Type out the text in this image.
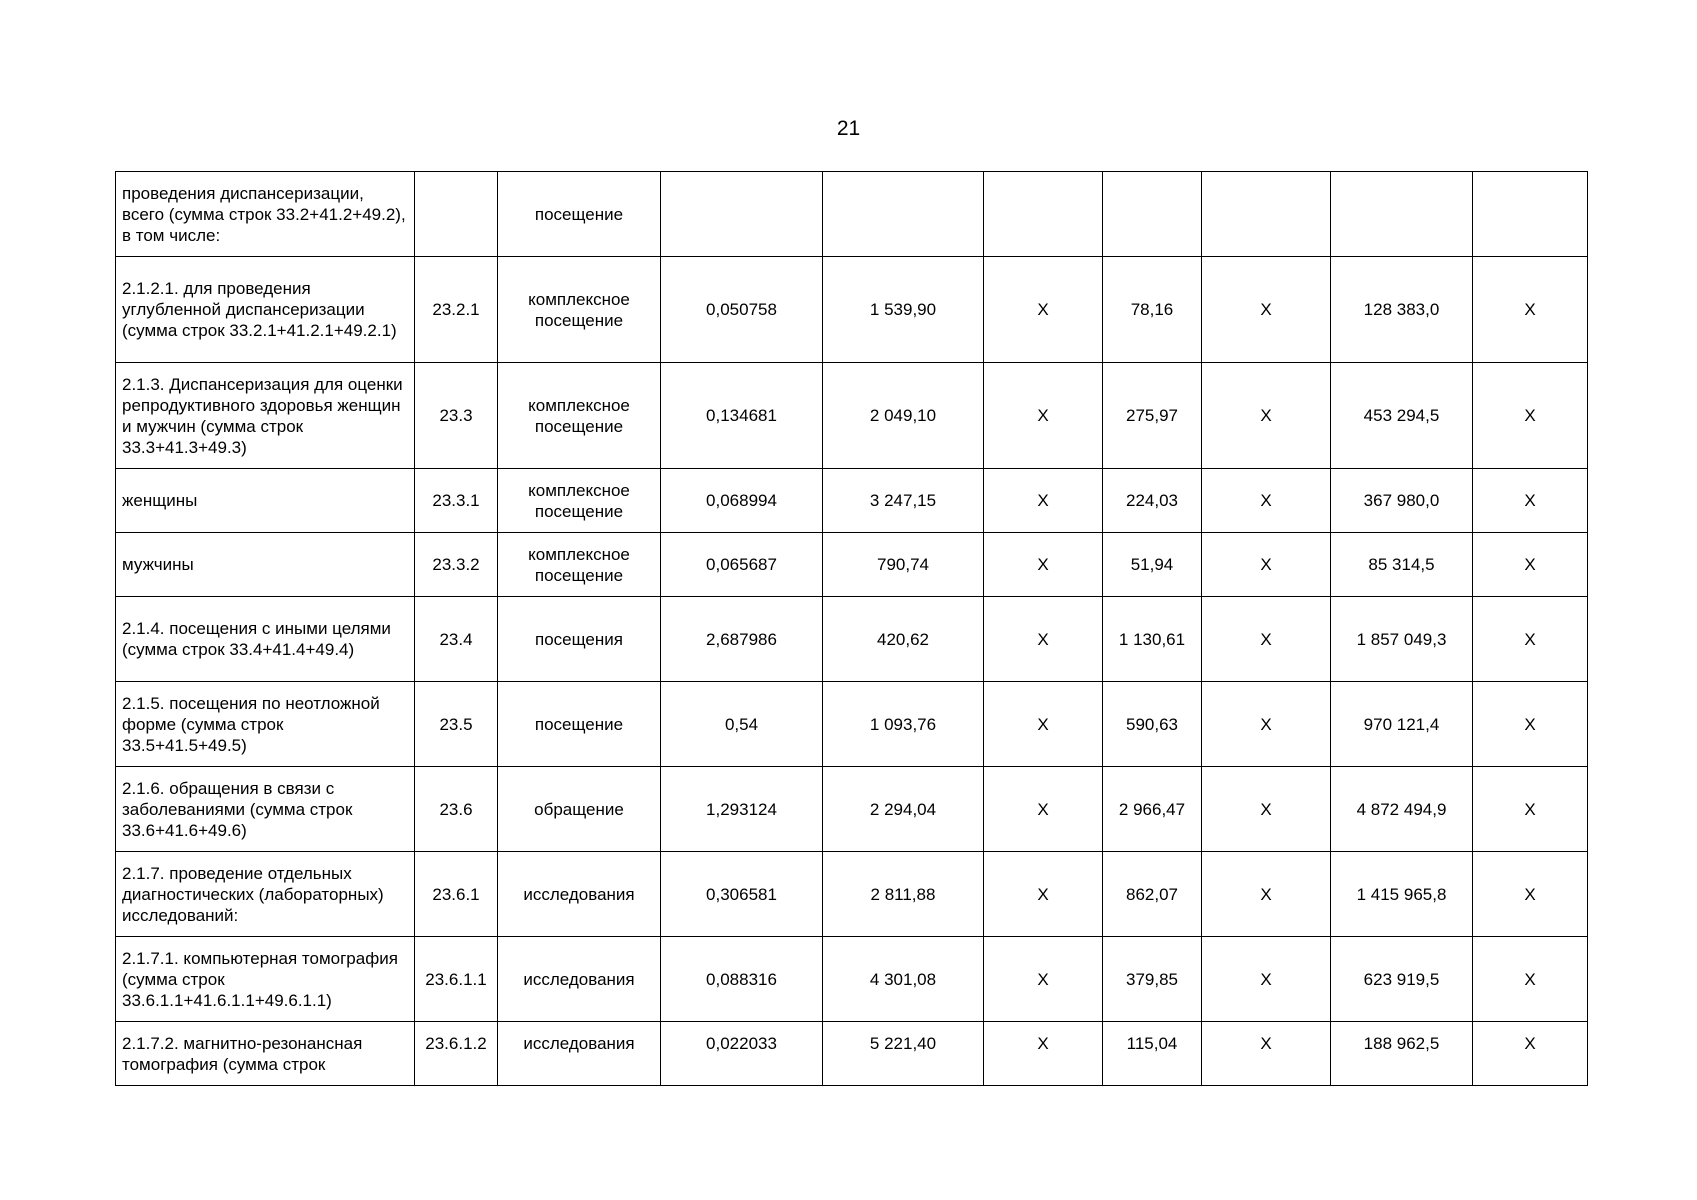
21
проведения диспансеризации, всего (сумма строк 33.2+41.2+49.2), в том числе:		посещение							
2.1.2.1. для проведения углубленной диспансеризации (сумма строк 33.2.1+41.2.1+49.2.1)	23.2.1	комплексное посещение	0,050758	1 539,90	Х	78,16	Х	128 383,0	Х
2.1.3. Диспансеризация для оценки репродуктивного здоровья женщин и мужчин (сумма строк 33.3+41.3+49.3)	23.3	комплексное посещение	0,134681	2 049,10	Х	275,97	Х	453 294,5	Х
женщины	23.3.1	комплексное посещение	0,068994	3 247,15	Х	224,03	Х	367 980,0	Х
мужчины	23.3.2	комплексное посещение	0,065687	790,74	Х	51,94	Х	85 314,5	Х
2.1.4. посещения с иными целями (сумма строк 33.4+41.4+49.4)	23.4	посещения	2,687986	420,62	Х	1 130,61	Х	1 857 049,3	Х
2.1.5. посещения по неотложной форме (сумма строк 33.5+41.5+49.5)	23.5	посещение	0,54	1 093,76	Х	590,63	Х	970 121,4	Х
2.1.6. обращения в связи с заболеваниями (сумма строк 33.6+41.6+49.6)	23.6	обращение	1,293124	2 294,04	Х	2 966,47	Х	4 872 494,9	Х
2.1.7. проведение отдельных диагностических (лабораторных) исследований:	23.6.1	исследования	0,306581	2 811,88	Х	862,07	Х	1 415 965,8	Х
2.1.7.1. компьютерная томография (сумма строк 33.6.1.1+41.6.1.1+49.6.1.1)	23.6.1.1	исследования	0,088316	4 301,08	Х	379,85	Х	623 919,5	Х
2.1.7.2. магнитно-резонансная томография (сумма строк	23.6.1.2	исследования	0,022033	5 221,40	Х	115,04	Х	188 962,5	Х
